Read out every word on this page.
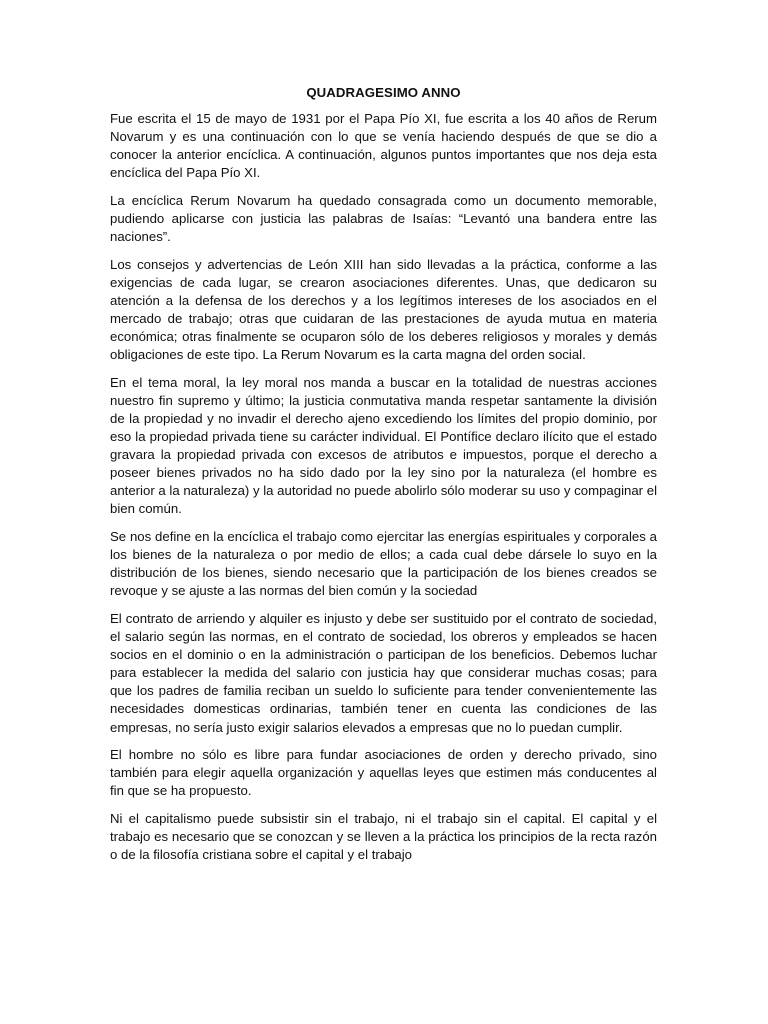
QUADRAGESIMO ANNO

Fue escrita el 15 de mayo de 1931 por el Papa Pío XI, fue escrita a los 40 años de Rerum Novarum y es una continuación con lo que se venía haciendo después de que se dio a conocer la anterior encíclica. A continuación, algunos puntos importantes que nos deja esta encíclica del Papa Pío XI.

La encíclica Rerum Novarum ha quedado consagrada como un documento memorable, pudiendo aplicarse con justicia las palabras de Isaías: “Levantó una bandera entre las naciones”.

Los consejos y advertencias de León XIII han sido llevadas a la práctica, conforme a las exigencias de cada lugar, se crearon asociaciones diferentes. Unas, que dedicaron su atención a la defensa de los derechos y a los legítimos intereses de los asociados en el mercado de trabajo; otras que cuidaran de las prestaciones de ayuda mutua en materia económica; otras finalmente se ocuparon sólo de los deberes religiosos y morales y demás obligaciones de este tipo. La Rerum Novarum es la carta magna del orden social.

En el tema moral, la ley moral nos manda a buscar en la totalidad de nuestras acciones nuestro fin supremo y último; la justicia conmutativa manda respetar santamente la división de la propiedad y no invadir el derecho ajeno excediendo los límites del propio dominio, por eso la propiedad privada tiene su carácter individual. El Pontífice declaro ilícito que el estado gravara la propiedad privada con excesos de atributos e impuestos, porque el derecho a poseer bienes privados no ha sido dado por la ley sino por la naturaleza (el hombre es anterior a la naturaleza) y la autoridad no puede abolirlo sólo moderar su uso y compaginar el bien común.

Se nos define en la encíclica el trabajo como ejercitar las energías espirituales y corporales a los bienes de la naturaleza o por medio de ellos; a cada cual debe dársele lo suyo en la distribución de los bienes, siendo necesario que la participación de los bienes creados se revoque y se ajuste a las normas del bien común y la sociedad

El contrato de arriendo y alquiler es injusto y debe ser sustituido por el contrato de sociedad, el salario según las normas, en el contrato de sociedad, los obreros y empleados se hacen socios en el dominio o en la administración o participan de los beneficios. Debemos luchar para establecer la medida del salario con justicia hay que considerar muchas cosas; para que los padres de familia reciban un sueldo lo suficiente para tender convenientemente las necesidades domesticas ordinarias, también tener en cuenta las condiciones de las empresas, no sería justo exigir salarios elevados a empresas que no lo puedan cumplir.

El hombre no sólo es libre para fundar asociaciones de orden y derecho privado, sino también para elegir aquella organización y aquellas leyes que estimen más conducentes al fin que se ha propuesto.

Ni el capitalismo puede subsistir sin el trabajo, ni el trabajo sin el capital. El capital y el trabajo es necesario que se conozcan y se lleven a la práctica los principios de la recta razón o de la filosofía cristiana sobre el capital y el trabajo
